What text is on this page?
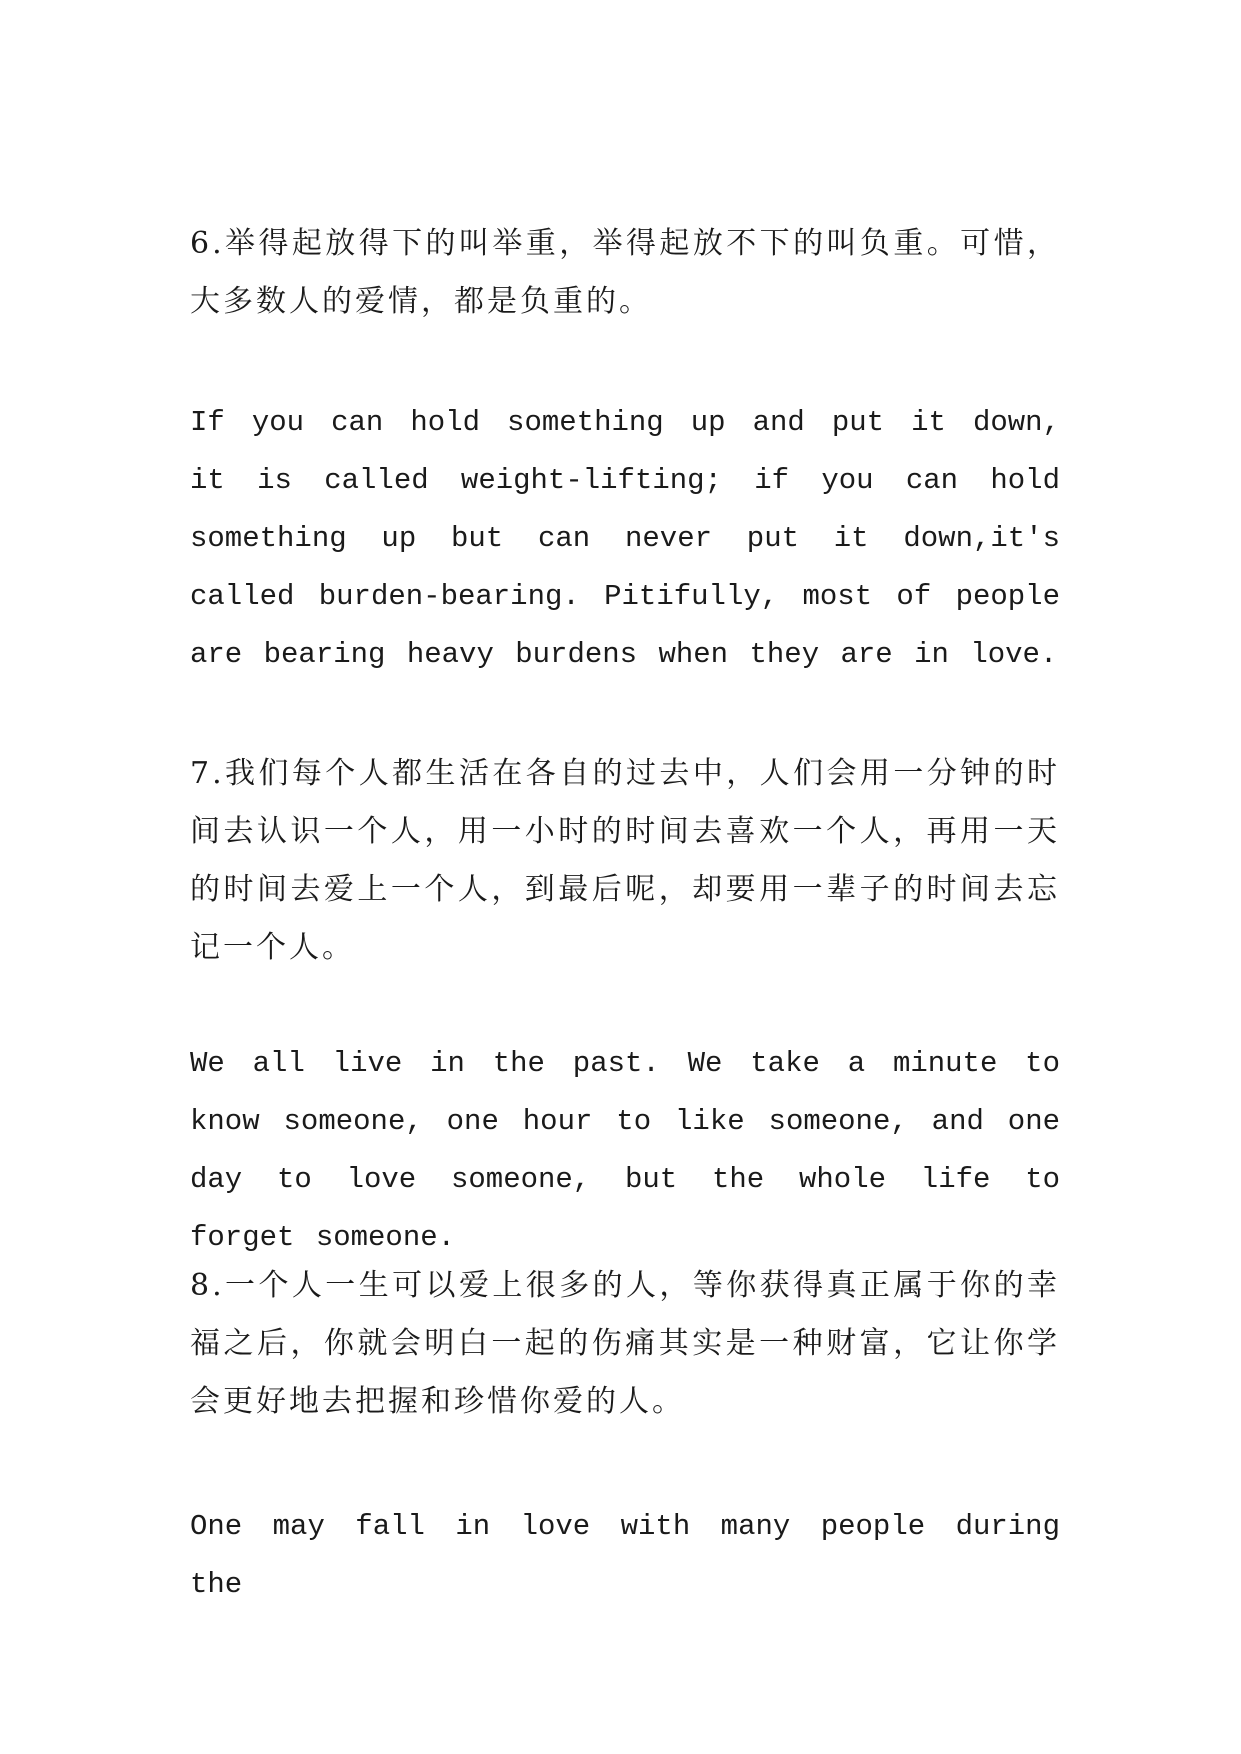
6.举得起放得下的叫举重，举得起放不下的叫负重。可惜，大多数人的爱情，都是负重的。

If you can hold something up and put it down, it is called weight-lifting; if you can hold something up but can never put it down,it's called burden-bearing. Pitifully, most of people are bearing heavy burdens when they are in love.

7.我们每个人都生活在各自的过去中，人们会用一分钟的时间去认识一个人，用一小时的时间去喜欢一个人，再用一天的时间去爱上一个人，到最后呢，却要用一辈子的时间去忘记一个人。

We all live in the past. We take a minute to know someone, one hour to like someone, and one day to love someone, but the whole life to forget someone.

8.一个人一生可以爱上很多的人，等你获得真正属于你的幸福之后，你就会明白一起的伤痛其实是一种财富，它让你学会更好地去把握和珍惜你爱的人。

One may fall in love with many people during the
